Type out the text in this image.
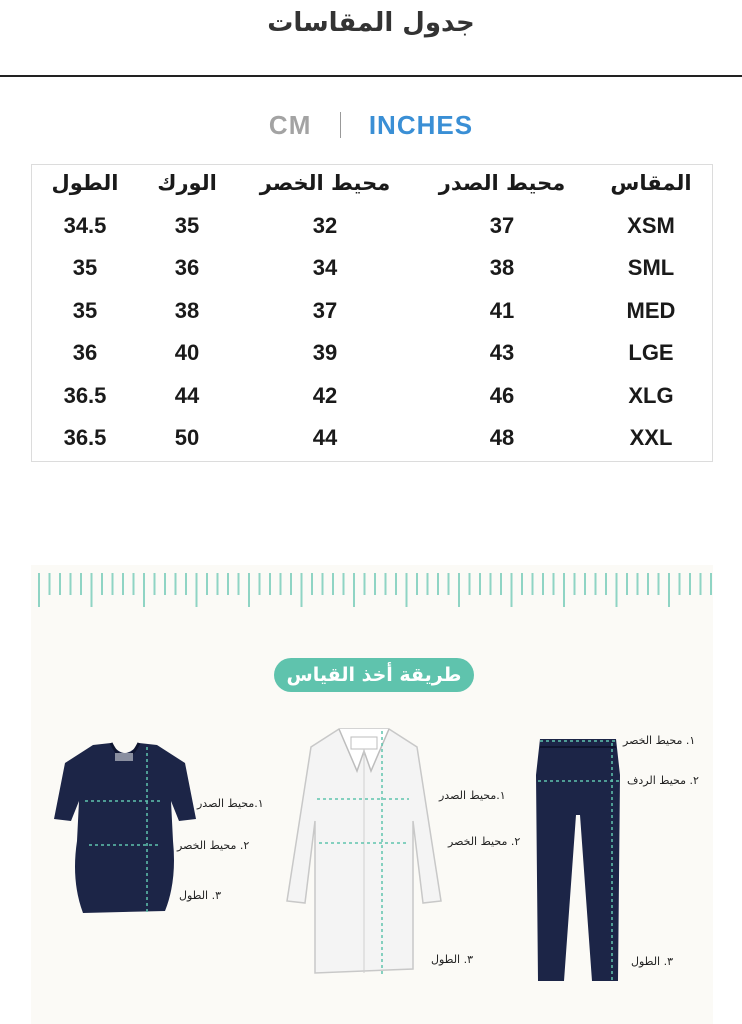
جدول المقاسات
CM INCHES
المقاس
محيط الصدر
محيط الخصر
الورك
الطول
XSM
37
32
35
34.5
SML
38
34
36
35
MED
41
37
38
35
LGE
43
39
40
36
XLG
46
42
44
36.5
XXL
48
44
50
36.5
طريقة أخذ القياس
١.محيط الصدر
٢. محيط الخصر
٣. الطول
١.محيط الصدر
٢. محيط الخصر
٣. الطول
١. محيط الخصر
٢. محيط الردف
٣. الطول
